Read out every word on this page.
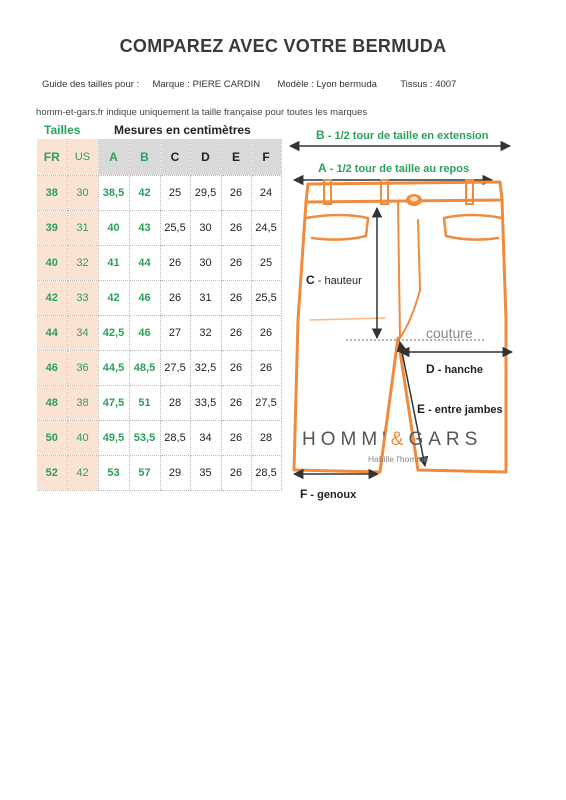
COMPAREZ AVEC VOTRE BERMUDA
Guide des tailles pour : Marque : PIERE CARDIN Modèle : Lyon bermuda Tissus : 4007
homm-et-gars.fr indique uniquement la taille française pour toutes les marques
Tailles	Mesures en centimètres
FR	US	A	B	C	D	E	F
38	30	38,5	42	25	29,5	26	24
39	31	40	43	25,5	30	26	24,5
40	32	41	44	26	30	26	25
42	33	42	46	26	31	26	25,5
44	34	42,5	46	27	32	26	26
46	36	44,5	48,5	27,5	32,5	26	26
48	38	47,5	51	28	33,5	26	27,5
50	40	49,5	53,5	28,5	34	26	28
52	42	53	57	29	35	26	28,5
B - 1/2 tour de taille en extension
A - 1/2 tour de taille au repos
C - hauteur
couture
D - hanche
E - entre jambes
HOMM'&GARS
Habille l'homme
F - genoux
